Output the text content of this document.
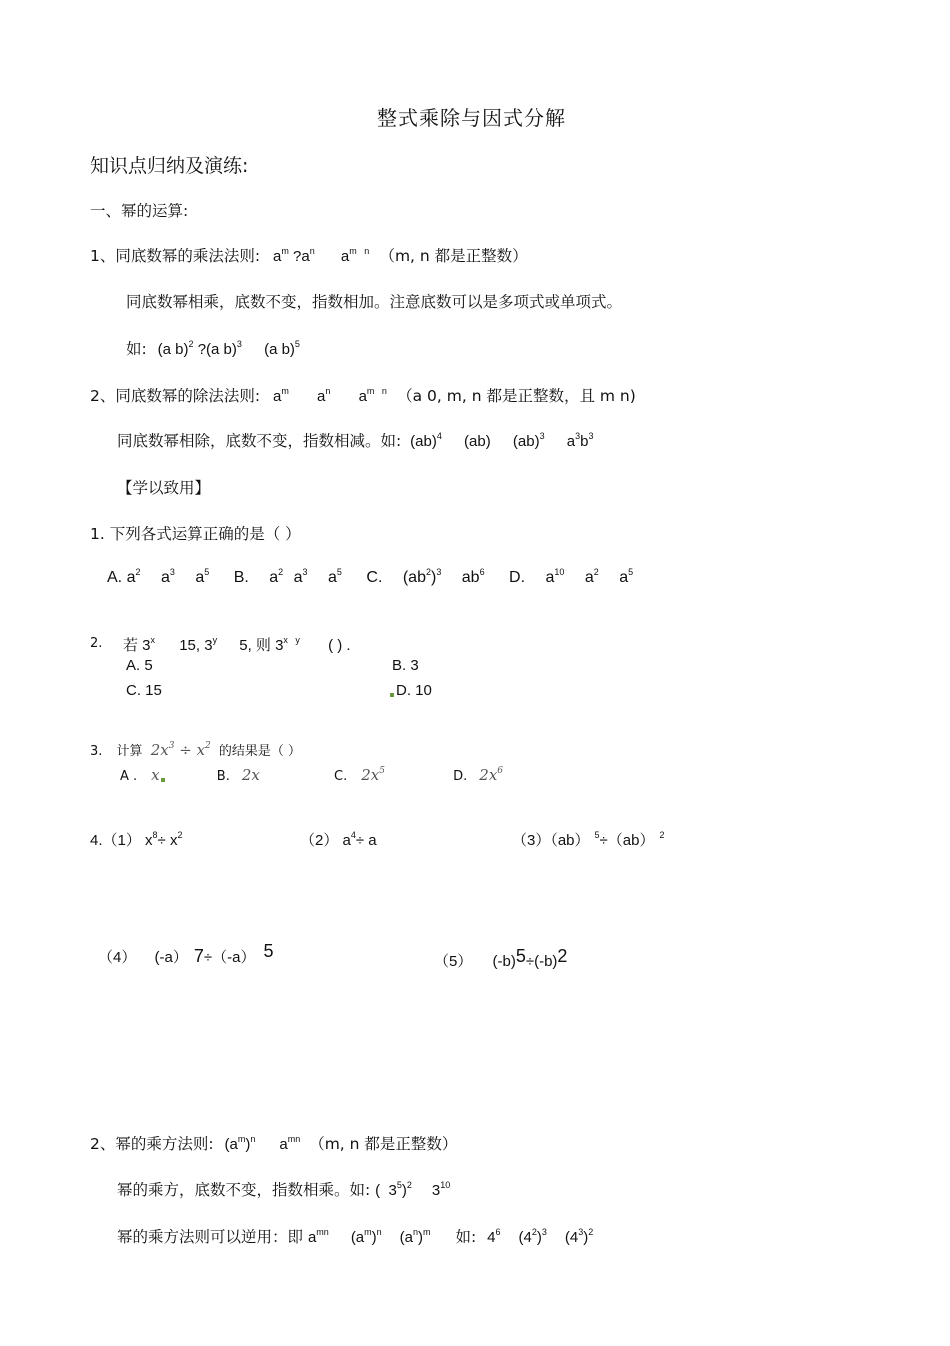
整式乘除与因式分解
知识点归纳及演练:
一、幂的运算:
1、同底数幂的乘法法则: $a^m$ $?a^n$ $a^{m n}$ （m, n 都是正整数）
同底数幂相乘，底数不变，指数相加。注意底数可以是多项式或单项式。
如: (a b)$^2$ ?(a b)$^3$ (a b)$^5$
2、同底数幂的除法法则: $a^m$ $a^n$ $a^{m n}$ （a 0, m, n 都是正整数，且 m n)
同底数幂相除，底数不变，指数相减。如: (ab)$^4$ (ab) (ab)$^3$ $a^3b^3$
【学以致用】
1. 下列各式运算正确的是（ ）
A. $a^2$ $a^3$ $a^5$ B. $a^2$ $a^3$ $a^5$ C. $(ab^2)^3$ $ab^6$ D. $a^{10}$ $a^2$ $a^5$
2. 若 3$^x$ 15, 3$^y$ 5, 则 $3^{x y}$ ( ) .
A. 5	B. 3
C. 15	D. 10
3. 计算 $2x^3 \div x^2$ 的结果是（ ）
A . x	B. 2x	C. $2x^5$	D. $2x^6$
4.（1） $x^8\div x^2$	（2） $a^4\div a$	（3）（ab）  $^5$÷（ab）  $^2$
（4） (-a） 7÷（-a） 5
（5） (-b)5÷(-b)2
2、幂的乘方法则: $(a^m)^n$ $a^{mn}$ （m, n 都是正整数）
幂的乘方，底数不变，指数相乘。如: (  $3^5)^2$ $3^{10}$
幂的乘方法则可以逆用：即 $a^{mn}$ $(a^m)^n$ $(a^n)^m$ 如: $4^6$ $(4^2)^3$ $(4^3)^2$
